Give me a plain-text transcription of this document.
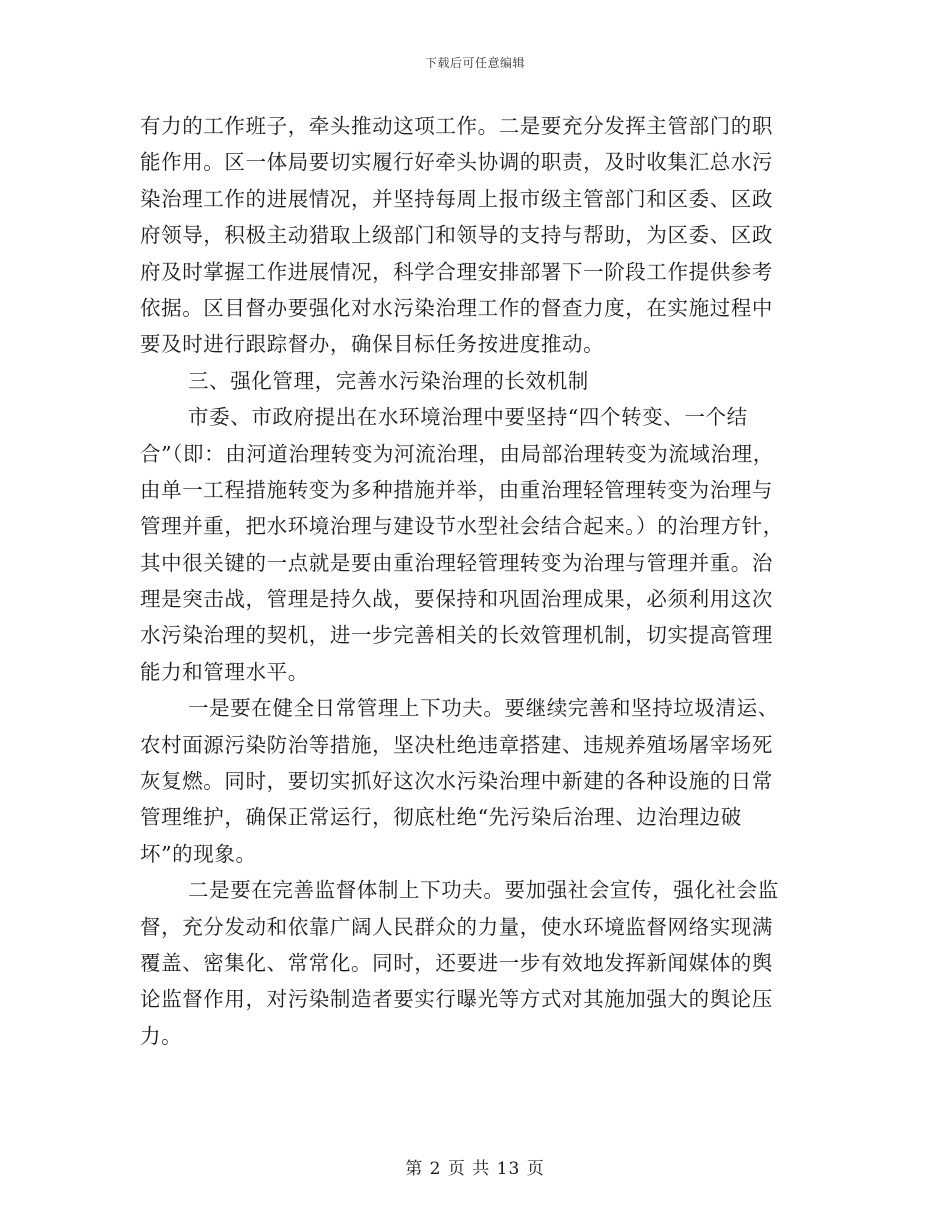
下载后可任意编辑
有力的工作班子，牵头推动这项工作。二是要充分发挥主管部门的职
能作用。区一体局要切实履行好牵头协调的职责，及时收集汇总水污
染治理工作的进展情况，并坚持每周上报市级主管部门和区委、区政
府领导，积极主动猎取上级部门和领导的支持与帮助，为区委、区政
府及时掌握工作进展情况，科学合理安排部署下一阶段工作提供参考
依据。区目督办要强化对水污染治理工作的督查力度，在实施过程中
要及时进行跟踪督办，确保目标任务按进度推动。
三、强化管理，完善水污染治理的长效机制
市委、市政府提出在水环境治理中要坚持“四个转变、一个结
合”（即：由河道治理转变为河流治理，由局部治理转变为流域治理，
由单一工程措施转变为多种措施并举，由重治理轻管理转变为治理与
管理并重，把水环境治理与建设节水型社会结合起来。）的治理方针，
其中很关键的一点就是要由重治理轻管理转变为治理与管理并重。治
理是突击战，管理是持久战，要保持和巩固治理成果，必须利用这次
水污染治理的契机，进一步完善相关的长效管理机制，切实提高管理
能力和管理水平。
一是要在健全日常管理上下功夫。要继续完善和坚持垃圾清运、
农村面源污染防治等措施，坚决杜绝违章搭建、违规养殖场屠宰场死
灰复燃。同时，要切实抓好这次水污染治理中新建的各种设施的日常
管理维护，确保正常运行，彻底杜绝“先污染后治理、边治理边破
坏”的现象。
二是要在完善监督体制上下功夫。要加强社会宣传，强化社会监
督，充分发动和依靠广阔人民群众的力量，使水环境监督网络实现满
覆盖、密集化、常常化。同时，还要进一步有效地发挥新闻媒体的舆
论监督作用，对污染制造者要实行曝光等方式对其施加强大的舆论压
力。
第 2 页 共 13 页
